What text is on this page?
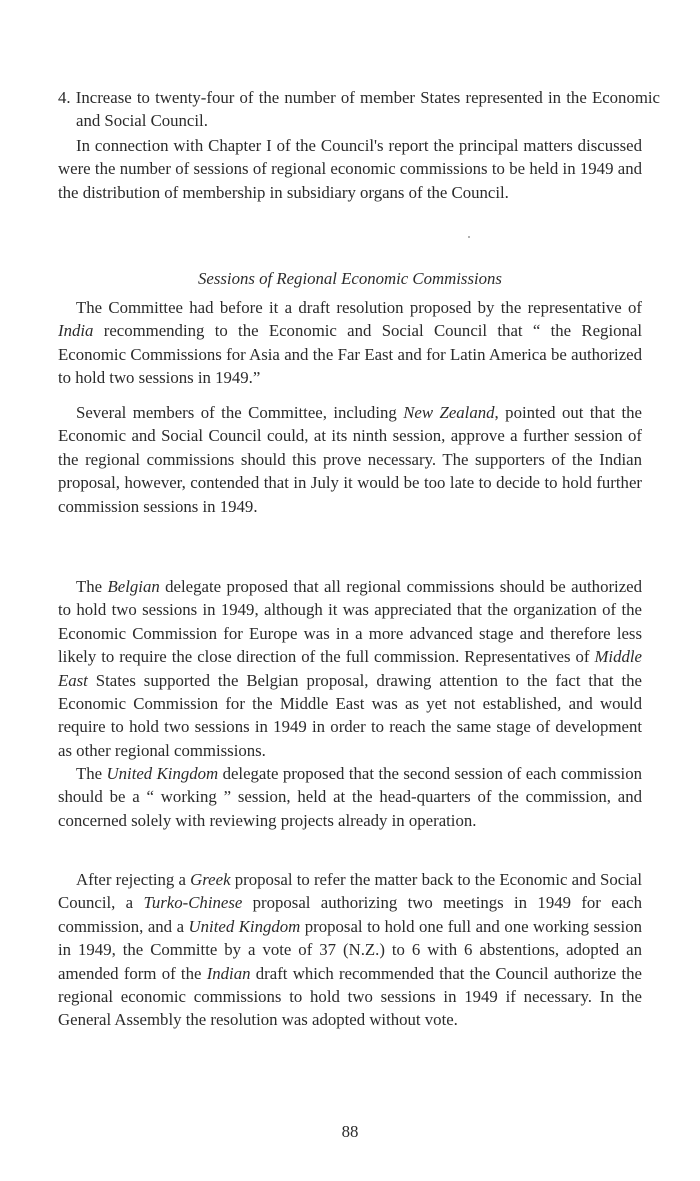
4. Increase to twenty-four of the number of member States represented in the Economic and Social Council.

In connection with Chapter I of the Council's report the principal matters discussed were the number of sessions of regional economic commissions to be held in 1949 and the distribution of membership in subsidiary organs of the Council.

Sessions of Regional Economic Commissions

The Committee had before it a draft resolution proposed by the representative of India recommending to the Economic and Social Council that “ the Regional Economic Commissions for Asia and the Far East and for Latin America be authorized to hold two sessions in 1949.”

Several members of the Committee, including New Zealand, pointed out that the Economic and Social Council could, at its ninth session, approve a further session of the regional commissions should this prove necessary. The supporters of the Indian proposal, however, contended that in July it would be too late to decide to hold further commission sessions in 1949.

The Belgian delegate proposed that all regional commissions should be authorized to hold two sessions in 1949, although it was appreciated that the organization of the Economic Commission for Europe was in a more advanced stage and therefore less likely to require the close direction of the full commission. Representatives of Middle East States supported the Belgian proposal, drawing attention to the fact that the Economic Commission for the Middle East was as yet not established, and would require to hold two sessions in 1949 in order to reach the same stage of development as other regional commissions.

The United Kingdom delegate proposed that the second session of each commission should be a “ working ” session, held at the head-quarters of the commission, and concerned solely with reviewing projects already in operation.

After rejecting a Greek proposal to refer the matter back to the Economic and Social Council, a Turko-Chinese proposal authorizing two meetings in 1949 for each commission, and a United Kingdom proposal to hold one full and one working session in 1949, the Committe by a vote of 37 (N.Z.) to 6 with 6 abstentions, adopted an amended form of the Indian draft which recommended that the Council authorize the regional economic commissions to hold two sessions in 1949 if necessary. In the General Assembly the resolution was adopted without vote.

88
